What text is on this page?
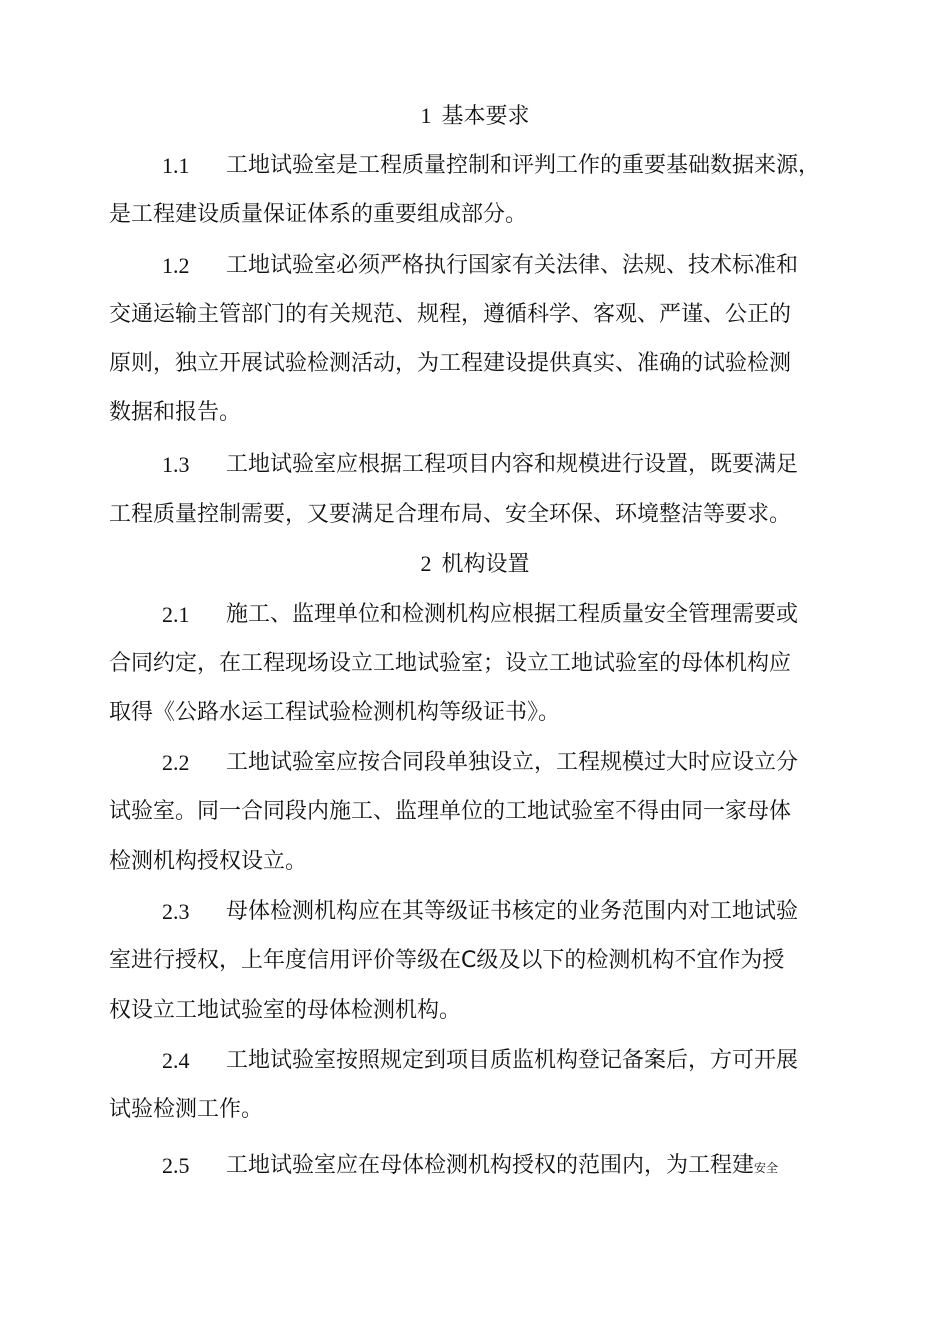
1 基本要求
1.1 工地试验室是工程质量控制和评判工作的重要基础数据来源，
是工程建设质量保证体系的重要组成部分。
1.2 工地试验室必须严格执行国家有关法律、法规、技术标准和
交通运输主管部门的有关规范、规程，遵循科学、客观、严谨、公正的
原则，独立开展试验检测活动，为工程建设提供真实、准确的试验检测
数据和报告。
1.3 工地试验室应根据工程项目内容和规模进行设置，既要满足
工程质量控制需要，又要满足合理布局、安全环保、环境整洁等要求。
2 机构设置
2.1 施工、监理单位和检测机构应根据工程质量安全管理需要或
合同约定，在工程现场设立工地试验室；设立工地试验室的母体机构应
取得《公路水运工程试验检测机构等级证书》。
2.2 工地试验室应按合同段单独设立，工程规模过大时应设立分
试验室。同一合同段内施工、监理单位的工地试验室不得由同一家母体
检测机构授权设立。
2.3 母体检测机构应在其等级证书核定的业务范围内对工地试验
室进行授权，上年度信用评价等级在C级及以下的检测机构不宜作为授
权设立工地试验室的母体检测机构。
2.4 工地试验室按照规定到项目质监机构登记备案后，方可开展
试验检测工作。
2.5 工地试验室应在母体检测机构授权的范围内，为工程建安全
